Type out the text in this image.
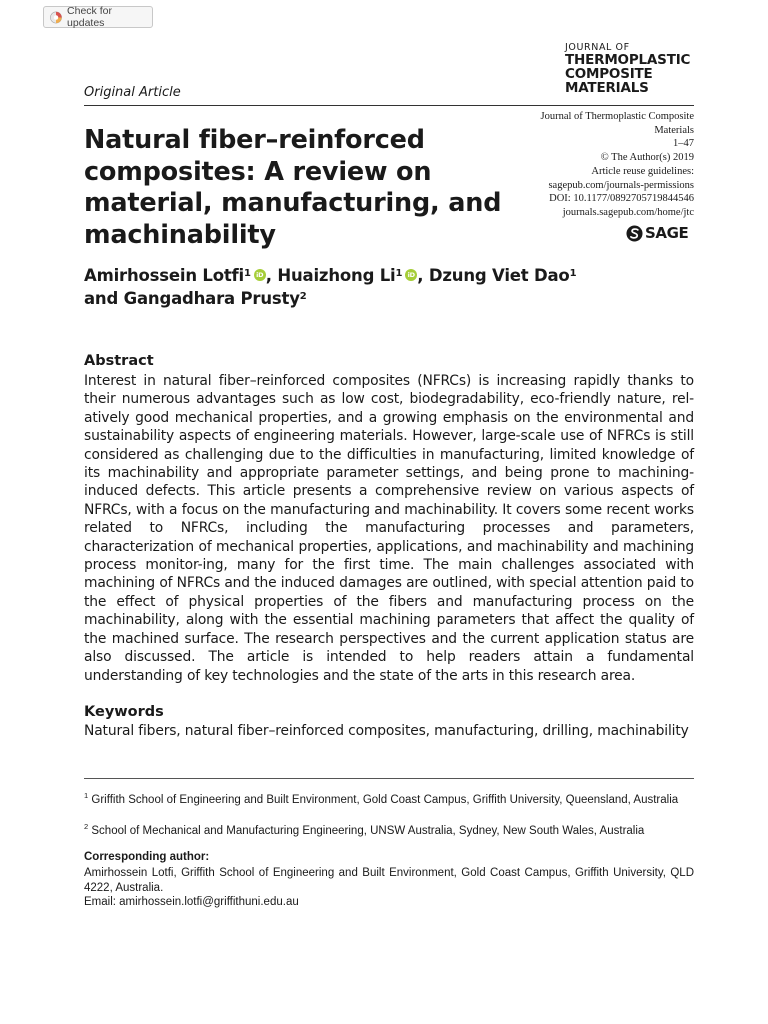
Check for updates
JOURNAL OF
THERMOPLASTIC
COMPOSITE
MATERIALS
Original Article
Natural fiber–reinforced composites: A review on material, manufacturing, and machinability
Journal of Thermoplastic Composite
Materials
1–47
© The Author(s) 2019
Article reuse guidelines:
sagepub.com/journals-permissions
DOI: 10.1177/0892705719844546
journals.sagepub.com/home/jtc
SAGE
Amirhossein Lotfi$^1$ iD , Huaizhong Li$^1$ iD , Dzung Viet Dao$^1$
and Gangadhara Prusty$^2$
Abstract

Interest in natural fiber–reinforced composites (NFRCs) is increasing rapidly thanks to their numerous advantages such as low cost, biodegradability, eco-friendly nature, rel-atively good mechanical properties, and a growing emphasis on the environmental and sustainability aspects of engineering materials. However, large-scale use of NFRCs is still considered as challenging due to the difficulties in manufacturing, limited knowledge of its machinability and appropriate parameter settings, and being prone to machining-induced defects. This article presents a comprehensive review on various aspects of NFRCs, with a focus on the manufacturing and machinability. It covers some recent works related to NFRCs, including the manufacturing processes and parameters, characterization of mechanical properties, applications, and machinability and machining process monitor-ing, many for the first time. The main challenges associated with machining of NFRCs and the induced damages are outlined, with special attention paid to the effect of physical properties of the fibers and manufacturing process on the machinability, along with the essential machining parameters that affect the quality of the machined surface. The research perspectives and the current application status are also discussed. The article is intended to help readers attain a fundamental understanding of key technologies and the state of the arts in this research area.

Keywords

Natural fibers, natural fiber–reinforced composites, manufacturing, drilling, machinability

$^1$ Griffith School of Engineering and Built Environment, Gold Coast Campus, Griffith University, Queensland, Australia

$^2$ School of Mechanical and Manufacturing Engineering, UNSW Australia, Sydney, New South Wales, Australia

Corresponding author:

Amirhossein Lotfi, Griffith School of Engineering and Built Environment, Gold Coast Campus, Griffith University, QLD 4222, Australia.

Email: amirhossein.lotfi@griffithuni.edu.au
